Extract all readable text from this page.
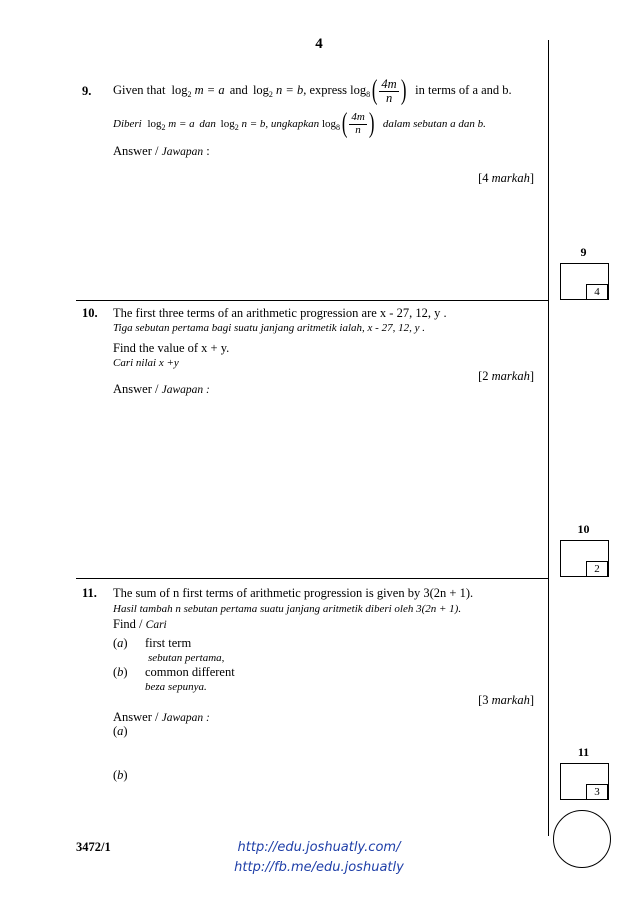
4
9. Given that $\log_2 m = a$ and $\log_2 n = b$, express $\log_8( \frac{4m}{n}$ ) in terms of a and b.
Diberi $\log_2 m = a$ dan $\log_2 n = b$, ungkapkan $\log_8( \frac{4m}{n}$ ) dalam sebutan a dan b.
Answer / Jawapan :
[4 markah]
9
4
10. The first three terms of an arithmetic progression are x - 27, 12, y .
Tiga sebutan pertama bagi suatu janjang aritmetik ialah, x - 27, 12, y .
Find the value of x + y.
Cari nilai x +y
[2 markah]
Answer / Jawapan :
10
2
11. The sum of n first terms of arithmetic progression is given by 3(2n + 1).
Hasil tambah n sebutan pertama suatu janjang aritmetik diberi oleh 3(2n + 1).
Find / Cari
(a) first term
sebutan pertama,
(b) common different
beza sepunya.
[3 markah]
Answer / Jawapan :
(a)
(b)
11
3
3472/1	http://edu.joshuatly.com/
http://fb.me/edu.joshuatly
